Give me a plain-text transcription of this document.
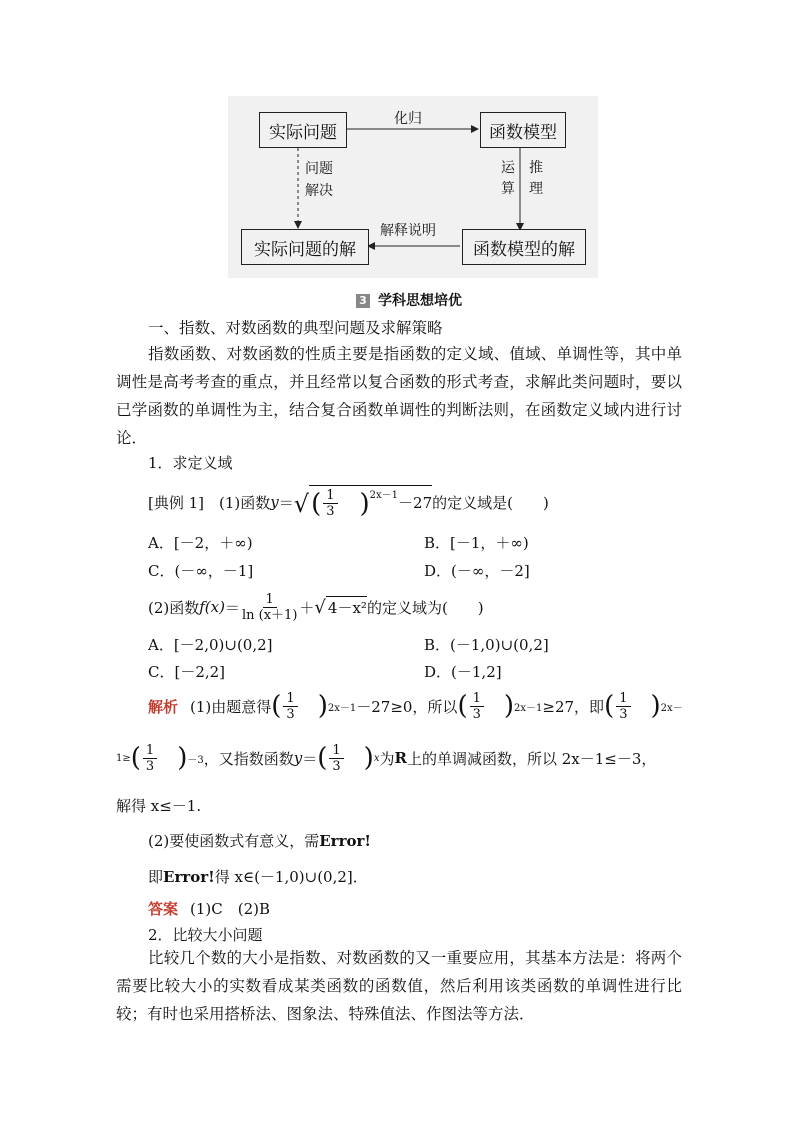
实际问题	函数模型
实际问题的解	函数模型的解
化归
解释说明
问题
解决
运算
推理
3 学科思想培优
一、指数、对数函数的典型问题及求解策略
指数函数、对数函数的性质主要是指函数的定义域、值域、单调性等，其中单调性是高考考查的重点，并且经常以复合函数的形式考查，求解此类问题时，要以已学函数的单调性为主，结合复合函数单调性的判断法则，在函数定义域内进行讨论．
1．求定义域
[典例 1]　(1)函数 y ＝ √( $\frac{1}{3} )^{2x-1}-27$ 的定义域是(　　)
A．[－2，＋∞)	B．[－1，＋∞)
C．(－∞，－1]	D．(－∞，－2]
(2)函数 $f(x) = \frac{1}{\ln (x+1)}$ ＋ √ 4－x² 的定义域为(　　)
A．[－2,0)∪(0,2]	B．(－1,0)∪(0,2]
C．[－2,2]	D．(－1,2]
解析 (1)由题意得 ( $\frac{1}{3}$ ) 2x－1 －27≥0，所以 ( $\frac{1}{3}$ ) 2x－1 ≥27，即 ( $\frac{1}{3}$ ) 2x－
1≥ ( $\frac{1}{3}$ ) －3 ，又指数函数 y ＝ ( $\frac{1}{3}$ ) x 为 R 上的单调减函数，所以 2x－1≤－3，
解得 x≤－1.
(2)要使函数式有意义，需Error!
即Error!得 x∈(－1,0)∪(0,2]．
答案 (1)C　(2)B
2．比较大小问题
比较几个数的大小是指数、对数函数的又一重要应用，其基本方法是：将两个需要比较大小的实数看成某类函数的函数值，然后利用该类函数的单调性进行比较；有时也采用搭桥法、图象法、特殊值法、作图法等方法．
